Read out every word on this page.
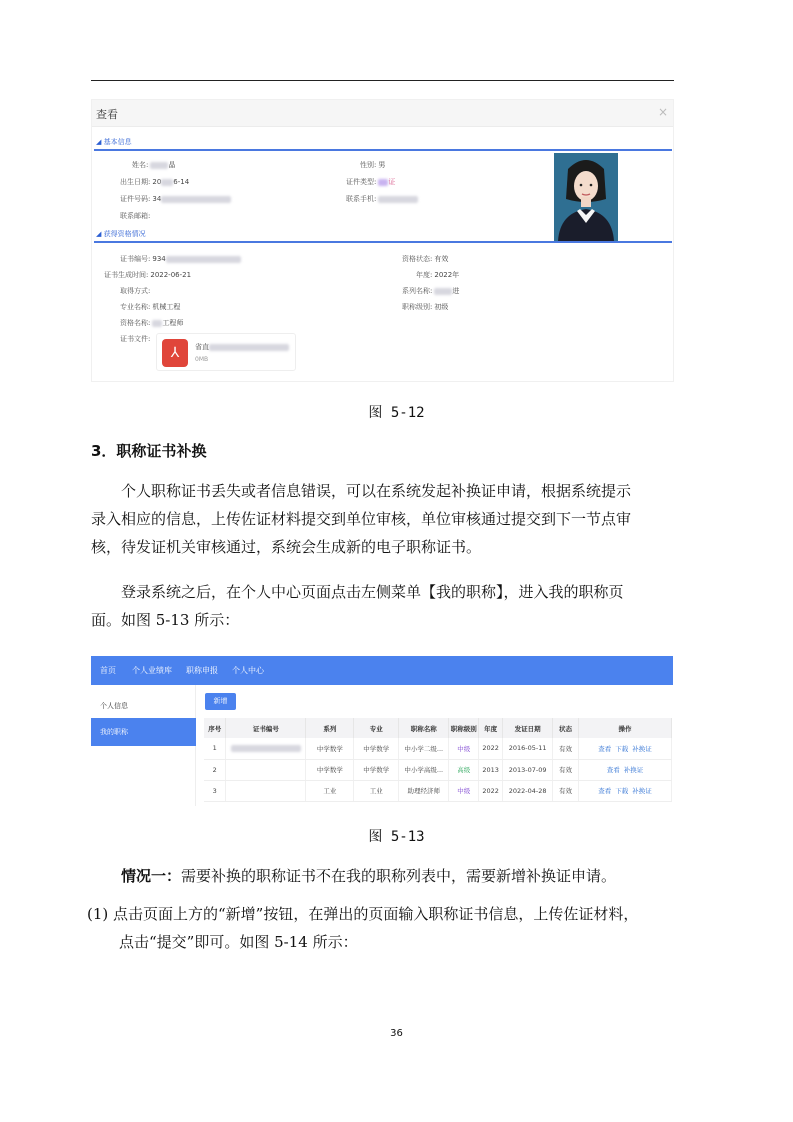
查看	×
◢ 基本信息
姓名:	晶
出生日期: 20 6-14
证件号码: 34
联系邮箱:
性别: 男
证件类型: 证
联系手机:
◢ 获得资格情况
证书编号: 934
证书生成时间: 2022-06-21
取得方式:
专业名称: 机械工程
资格名称: 工程师
证书文件:
资格状态: 有效
年度: 2022年
系列名称:	进
职称级别: 初级
⅄	省直
0MB
图 5-12
3．职称证书补换
个人职称证书丢失或者信息错误，可以在系统发起补换证申请，根据系统提示
录入相应的信息，上传佐证材料提交到单位审核，单位审核通过提交到下一节点审
核，待发证机关审核通过，系统会生成新的电子职称证书。
登录系统之后，在个人中心页面点击左侧菜单【我的职称】，进入我的职称页
面。如图 5-13 所示：
首页 个人业绩库 职称申报 个人中心
个人信息
我的职称
新增
序号	证书编号	系列	专业	职称名称	职称级别	年度	发证日期	状态	操作
1		中学数学	中学数学	中小学二级...	中级	2022	2016-05-11	有效	查看 下载 补换证
2		中学数学	中学数学	中小学高级...	高级	2013	2013-07-09	有效	查看 补换证
3		工业	工业	助理经济师	中级	2022	2022-04-28	有效	查看 下载 补换证
图 5-13
情况一：需要补换的职称证书不在我的职称列表中，需要新增补换证申请。
(1) 点击页面上方的“新增”按钮，在弹出的页面输入职称证书信息，上传佐证材料，
点击“提交”即可。如图 5-14 所示：
36
